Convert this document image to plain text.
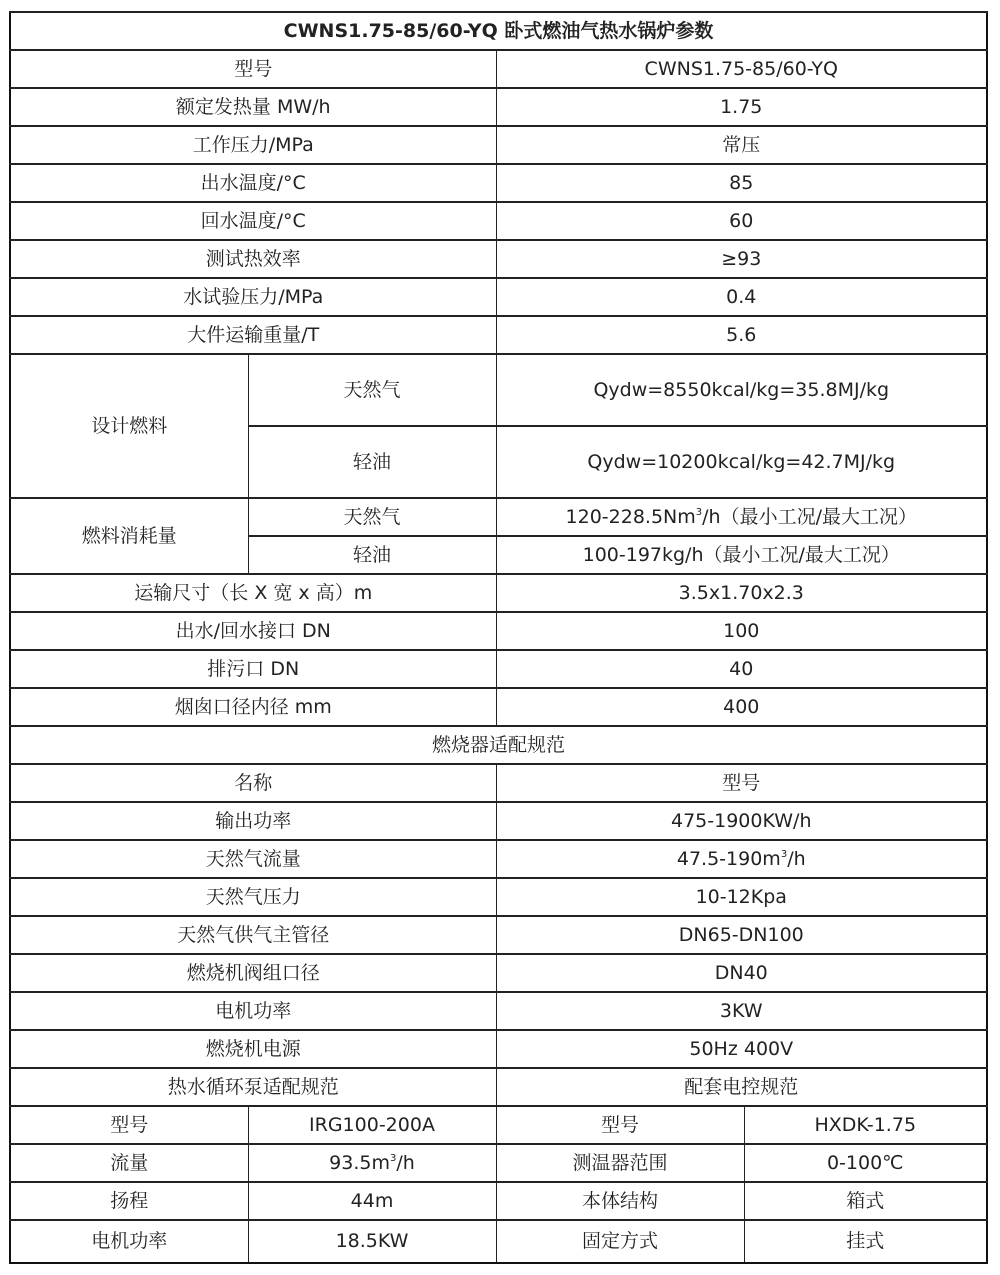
CWNS1.75-85/60-YQ 卧式燃油气热水锅炉参数			
型号		CWNS1.75-85/60-YQ	
额定发热量 MW/h		1.75	
工作压力/MPa		常压	
出水温度/°C		85	
回水温度/°C		60	
测试热效率		≥93	
水试验压力/MPa		0.4	
大件运输重量/T		5.6	
设计燃料	天然气	Qydw=8550kcal/kg=35.8MJ/kg	
	轻油	Qydw=10200kcal/kg=42.7MJ/kg	
燃料消耗量	天然气	120-228.5Nm$^3$/h（最小工况/最大工况）	
	轻油	100-197kg/h（最小工况/最大工况）	
运输尺寸（长 X 宽 x 高）m		3.5x1.70x2.3	
出水/回水接口 DN		100	
排污口 DN		40	
烟囱口径内径 mm		400	
燃烧器适配规范			
名称		型号	
输出功率		475-1900KW/h	
天然气流量		$47.5-190m^3/h$	
天然气压力		10-12Kpa	
天然气供气主管径		DN65-DN100	
燃烧机阀组口径		DN40	
电机功率		3KW	
燃烧机电源		50Hz 400V	
热水循环泵适配规范		配套电控规范	
型号	IRG100-200A	型号	HXDK-1.75
流量	$93.5m^3/h$	测温器范围	0-100℃
扬程	44m	本体结构	箱式
电机功率	18.5KW	固定方式	挂式
